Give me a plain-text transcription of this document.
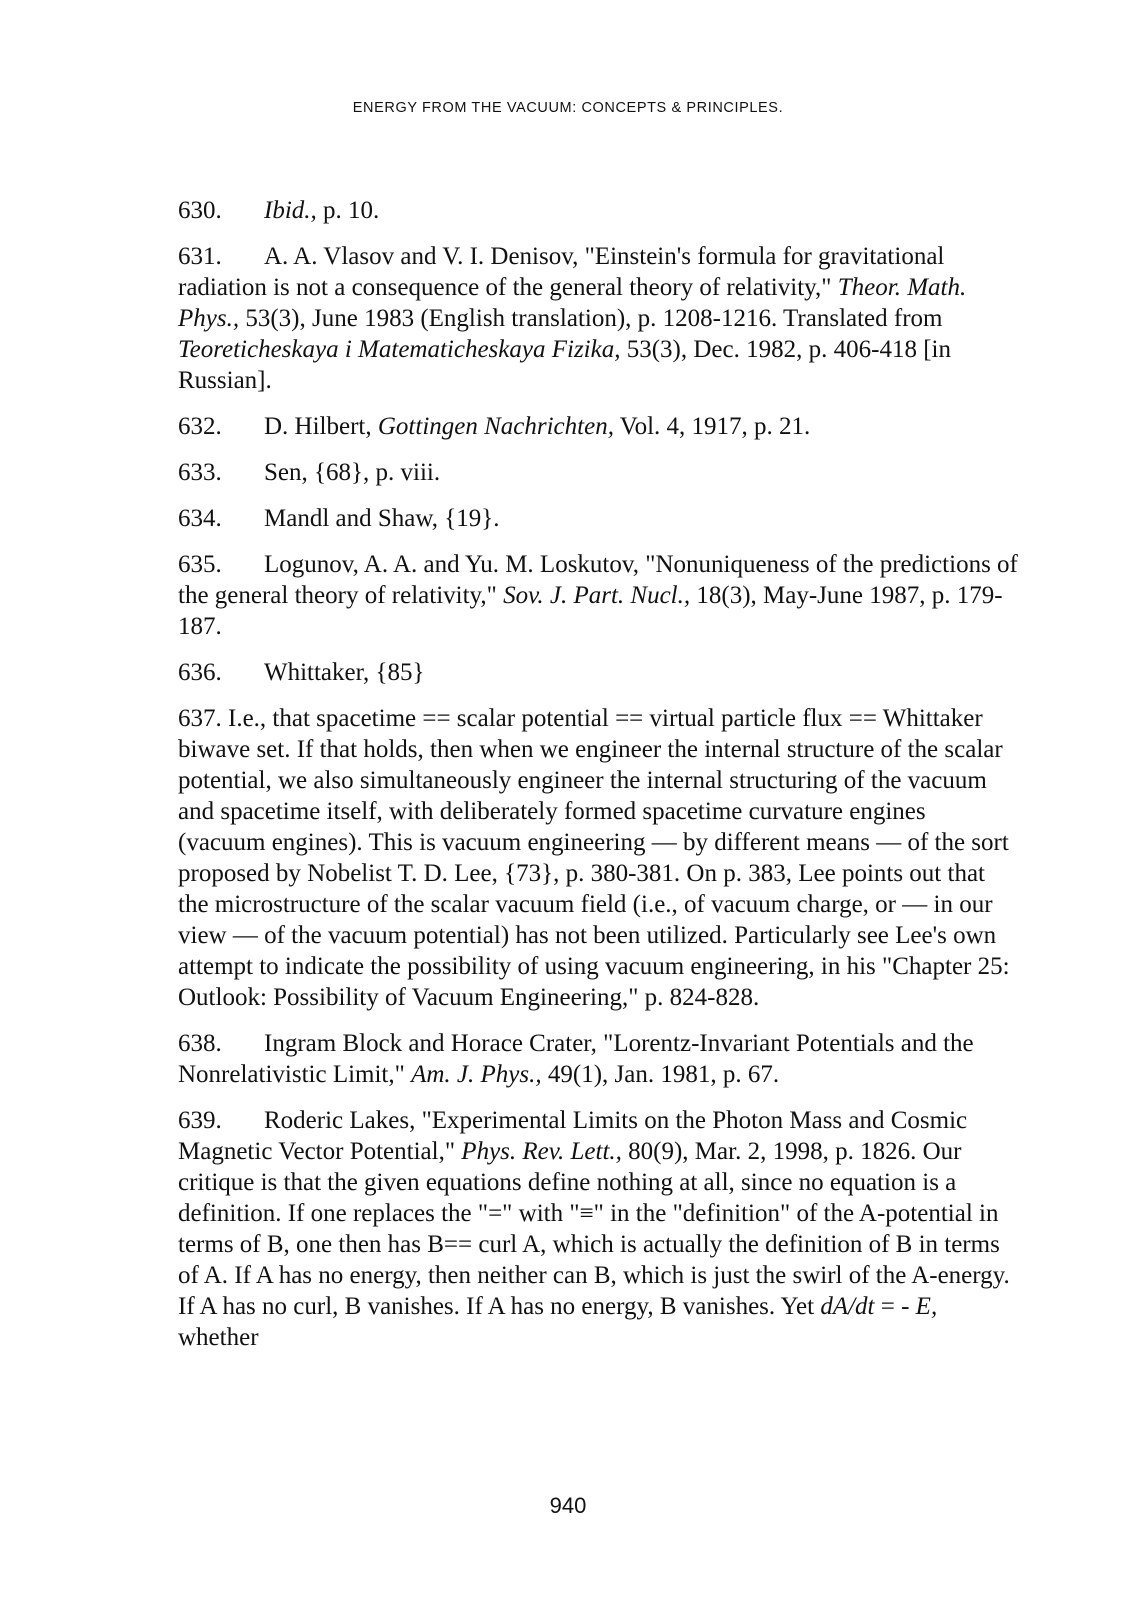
ENERGY FROM THE VACUUM: CONCEPTS & PRINCIPLES.

630. Ibid., p. 10.

631. A. A. Vlasov and V. I. Denisov, "Einstein's formula for gravitational radiation is not a consequence of the general theory of relativity," Theor. Math. Phys., 53(3), June 1983 (English translation), p. 1208-1216. Translated from Teoreticheskaya i Matematicheskaya Fizika, 53(3), Dec. 1982, p. 406-418 [in Russian].

632. D. Hilbert, Gottingen Nachrichten, Vol. 4, 1917, p. 21.

633. Sen, {68}, p. viii.

634. Mandl and Shaw, {19}.

635. Logunov, A. A. and Yu. M. Loskutov, "Nonuniqueness of the predictions of the general theory of relativity," Sov. J. Part. Nucl., 18(3), May-June 1987, p. 179-187.

636. Whittaker, {85}

637. I.e., that spacetime == scalar potential == virtual particle flux == Whittaker biwave set. If that holds, then when we engineer the internal structure of the scalar potential, we also simultaneously engineer the internal structuring of the vacuum and spacetime itself, with deliberately formed spacetime curvature engines (vacuum engines). This is vacuum engineering — by different means — of the sort proposed by Nobelist T. D. Lee, {73}, p. 380-381. On p. 383, Lee points out that the microstructure of the scalar vacuum field (i.e., of vacuum charge, or — in our view — of the vacuum potential) has not been utilized. Particularly see Lee's own attempt to indicate the possibility of using vacuum engineering, in his "Chapter 25: Outlook: Possibility of Vacuum Engineering," p. 824-828.

638. Ingram Block and Horace Crater, "Lorentz-Invariant Potentials and the Nonrelativistic Limit," Am. J. Phys., 49(1), Jan. 1981, p. 67.

639. Roderic Lakes, "Experimental Limits on the Photon Mass and Cosmic Magnetic Vector Potential," Phys. Rev. Lett., 80(9), Mar. 2, 1998, p. 1826. Our critique is that the given equations define nothing at all, since no equation is a definition. If one replaces the "=" with "≡" in the "definition" of the A-potential in terms of B, one then has B== curl A, which is actually the definition of B in terms of A. If A has no energy, then neither can B, which is just the swirl of the A-energy. If A has no curl, B vanishes. If A has no energy, B vanishes. Yet dA/dt = - E, whether

940
